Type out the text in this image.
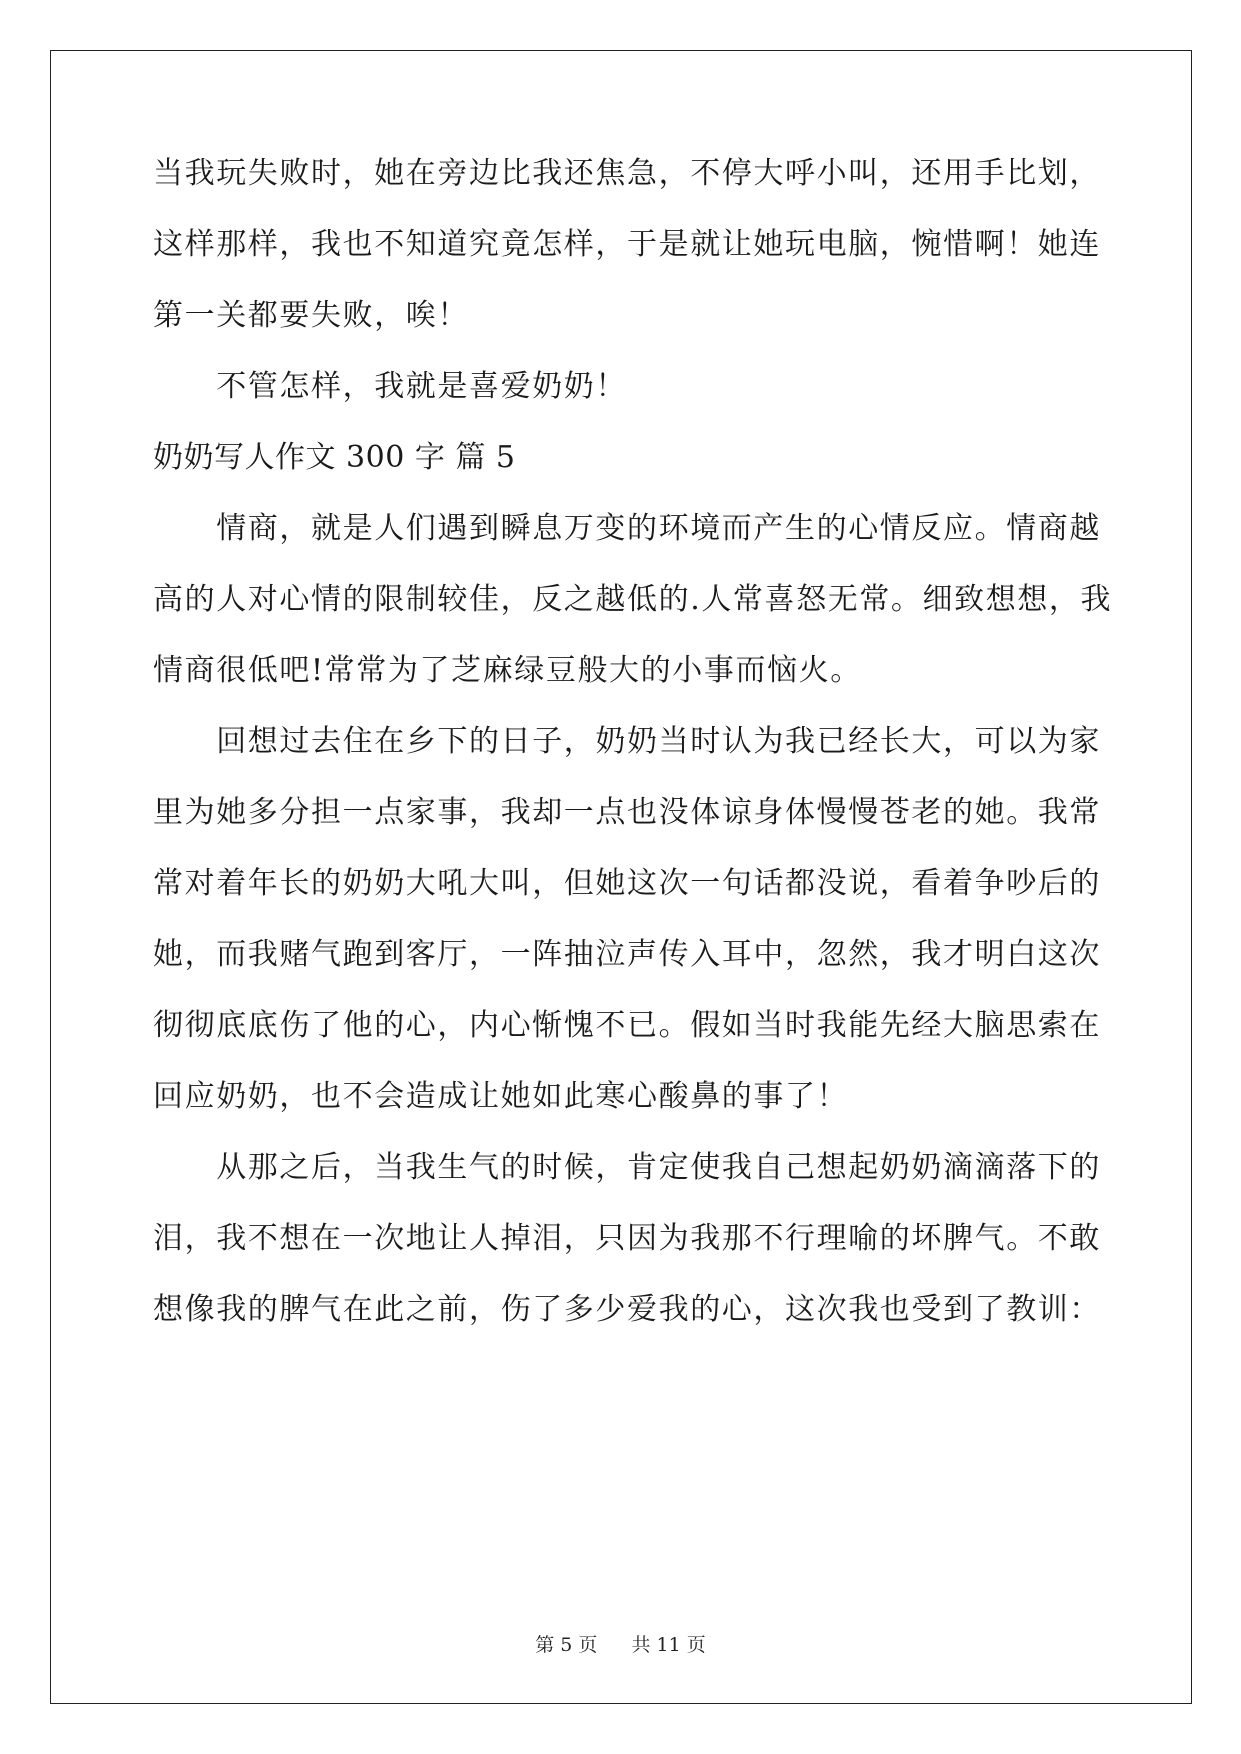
当我玩失败时，她在旁边比我还焦急，不停大呼小叫，还用手比划，
这样那样，我也不知道究竟怎样，于是就让她玩电脑，惋惜啊！她连
第一关都要失败，唉！
　　不管怎样，我就是喜爱奶奶！
奶奶写人作文 300 字 篇 5
　　情商，就是人们遇到瞬息万变的环境而产生的心情反应。情商越
高的人对心情的限制较佳，反之越低的.人常喜怒无常。细致想想，我
情商很低吧!常常为了芝麻绿豆般大的小事而恼火。
　　回想过去住在乡下的日子，奶奶当时认为我已经长大，可以为家
里为她多分担一点家事，我却一点也没体谅身体慢慢苍老的她。我常
常对着年长的奶奶大吼大叫，但她这次一句话都没说，看着争吵后的
她，而我赌气跑到客厅，一阵抽泣声传入耳中，忽然，我才明白这次
彻彻底底伤了他的心，内心惭愧不已。假如当时我能先经大脑思索在
回应奶奶，也不会造成让她如此寒心酸鼻的事了！
　　从那之后，当我生气的时候，肯定使我自己想起奶奶滴滴落下的
泪，我不想在一次地让人掉泪，只因为我那不行理喻的坏脾气。不敢
想像我的脾气在此之前，伤了多少爱我的心，这次我也受到了教训：
第 5 页 共 11 页
